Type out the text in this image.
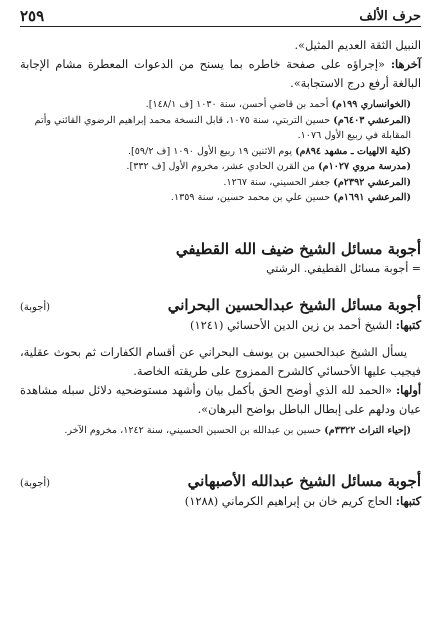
حرف الألف
٢٥٩

النبيل الثقة العديم المثيل».

آخرها: «إجراؤه على صفحة خاطره بما يسنح من الدعوات المعطرة مشام الإجابة البالغة أرفع درج الاستجابة».

(الخوانساري ١٩٩م) أحمد بن قاضي أحسن، سنة ١٠٣٠ [ف ١٤٨/١].

(المرعشي ٦٤٠٣م) حسين التربتي، سنة ١٠٧٥، قابل النسخة محمد إبراهيم الرضوي القائني وأتم المقابلة في ربيع الأول ١٠٧٦.

(كلية الالهيات ـ مشهد ٨٩٤م) يوم الاثنين ١٩ ربيع الأول ١٠٩٠ [ف ٥٩/٢].

(مدرسة مروي ١٠٢٧م) من القرن الحادي عشر، مخروم الأول [ف ٣٣٢].

(المرعشي ٢٣٩٢م) جعفر الحسيني، سنة ١٢٦٧.

(المرعشي ١٦٩١م) حسين علي بن محمد حسين، سنة ١٣٥٩.

أجوبة مسائل الشيخ ضيف الله القطيفي

= أجوبة مسائل القطيفي. الرشتي

أجوبة مسائل الشيخ عبدالحسين البحراني
(أجوبة)

كتبها: الشيخ أحمد بن زين الدين الأحسائي (١٢٤١)

يسأل الشيخ عبدالحسين بن يوسف البحراني عن أقسام الكفارات ثم بحوث عقلية، فيجيب عليها الأحسائي كالشرح الممزوج على طريقته الخاصة.

أولها: «الحمد لله الذي أوضح الحق بأكمل بيان وأشهد مستوضحيه دلائل سبله مشاهدة عيان ودلهم على إبطال الباطل بواضح البرهان».

(إحياء التراث ٣٣٢٢م) حسين بن عبدالله بن الحسين الحسيني، سنة ١٢٤٢، مخروم الآخر.

أجوبة مسائل الشيخ عبدالله الأصبهاني
(أجوبة)

كتبها: الحاج كريم خان بن إبراهيم الكرماني (١٢٨٨)
